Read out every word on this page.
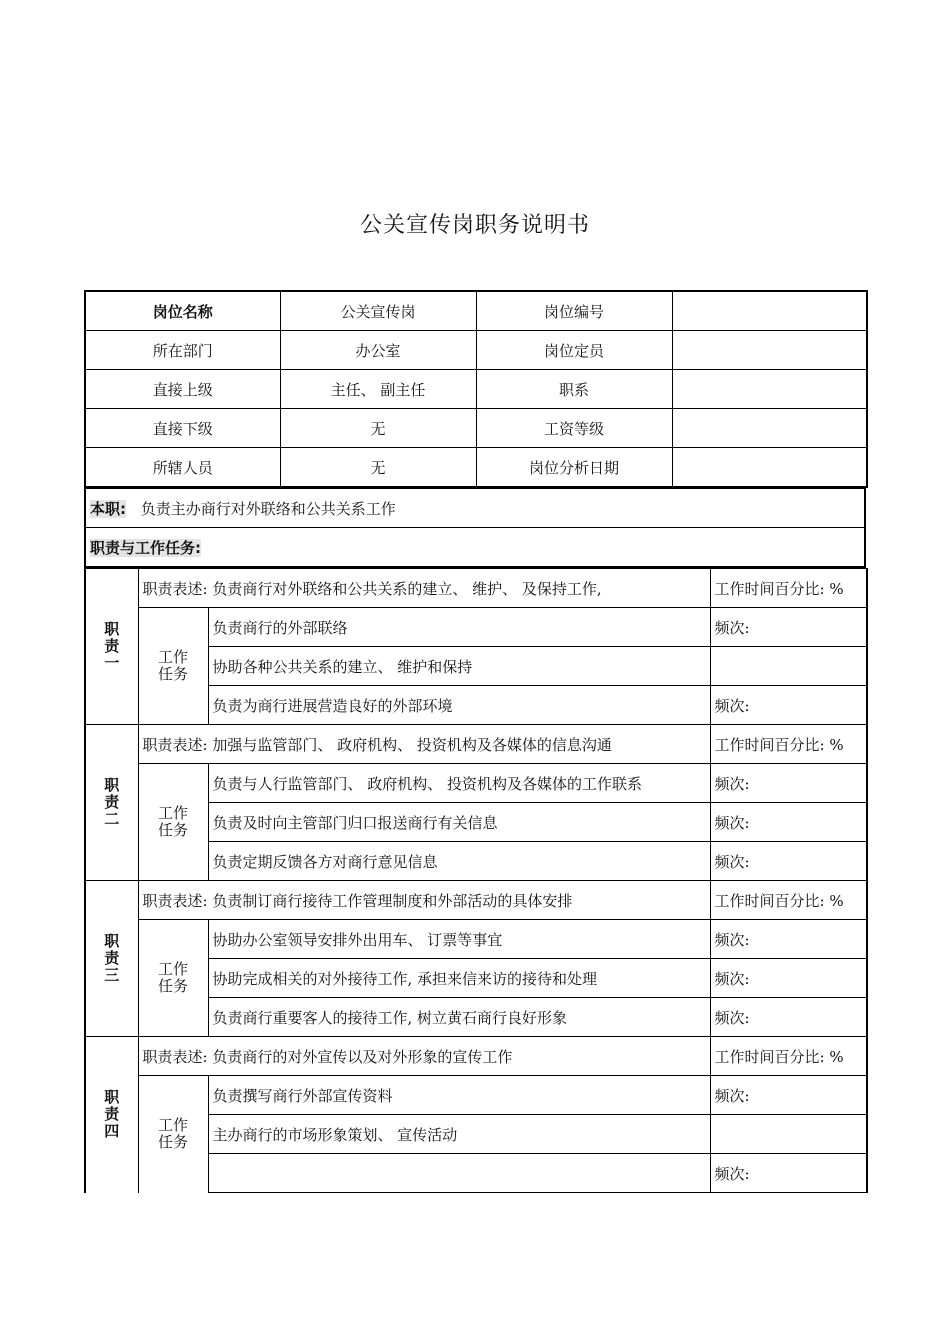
公关宣传岗职务说明书
岗位名称	公关宣传岗	岗位编号	
所在部门	办公室	岗位定员	
直接上级	主任、 副主任	职系	
直接下级	无	工资等级	
所辖人员	无	岗位分析日期	
本职: 负责主办商行对外联络和公共关系工作
职责与工作任务:
职责一	职责表述: 负责商行对外联络和公共关系的建立、 维护、 及保持工作,		工作时间百分比: %

	工作任务	负责商行的外部联络	频次:
		协助各种公共关系的建立、 维护和保持	
		负责为商行进展营造良好的外部环境	频次:

职责二	职责表述: 加强与监管部门、 政府机构、 投资机构及各媒体的信息沟通		工作时间百分比: %

	工作任务	负责与人行监管部门、 政府机构、 投资机构及各媒体的工作联系	频次:
		负责及时向主管部门归口报送商行有关信息	频次:
		负责定期反馈各方对商行意见信息	频次:

职责三	职责表述: 负责制订商行接待工作管理制度和外部活动的具体安排		工作时间百分比: %

	工作任务	协助办公室领导安排外出用车、 订票等事宜	频次:
		协助完成相关的对外接待工作, 承担来信来访的接待和处理	频次:
		负责商行重要客人的接待工作, 树立黄石商行良好形象	频次:

职责四	职责表述: 负责商行的对外宣传以及对外形象的宣传工作		工作时间百分比: %

	工作任务	负责撰写商行外部宣传资料	频次:
		主办商行的市场形象策划、 宣传活动	
			频次:
